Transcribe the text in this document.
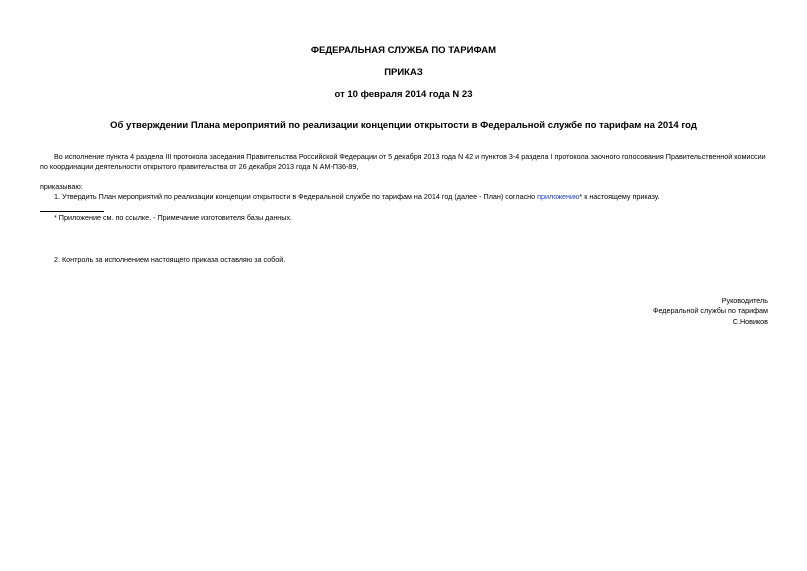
ФЕДЕРАЛЬНАЯ СЛУЖБА ПО ТАРИФАМ
ПРИКАЗ
от 10 февраля 2014 года N 23
Об утверждении Плана мероприятий по реализации концепции открытости в Федеральной службе по тарифам на 2014 год
Во исполнение пункта 4 раздела III протокола заседания Правительства Российской Федерации от 5 декабря 2013 года N 42 и пунктов 3-4 раздела I протокола заочного голосования Правительственной комиссии
по координации деятельности открытого правительства от 26 декабря 2013 года N АМ-П36-89,
приказываю:
1. Утвердить План мероприятий по реализации концепции открытости в Федеральной службе по тарифам на 2014 год (далее - План) согласно приложению* к настоящему приказу.
* Приложение см. по ссылке. - Примечание изготовителя базы данных.
2. Контроль за исполнением настоящего приказа оставляю за собой.
Руководитель
Федеральной службы по тарифам
С.Новиков
